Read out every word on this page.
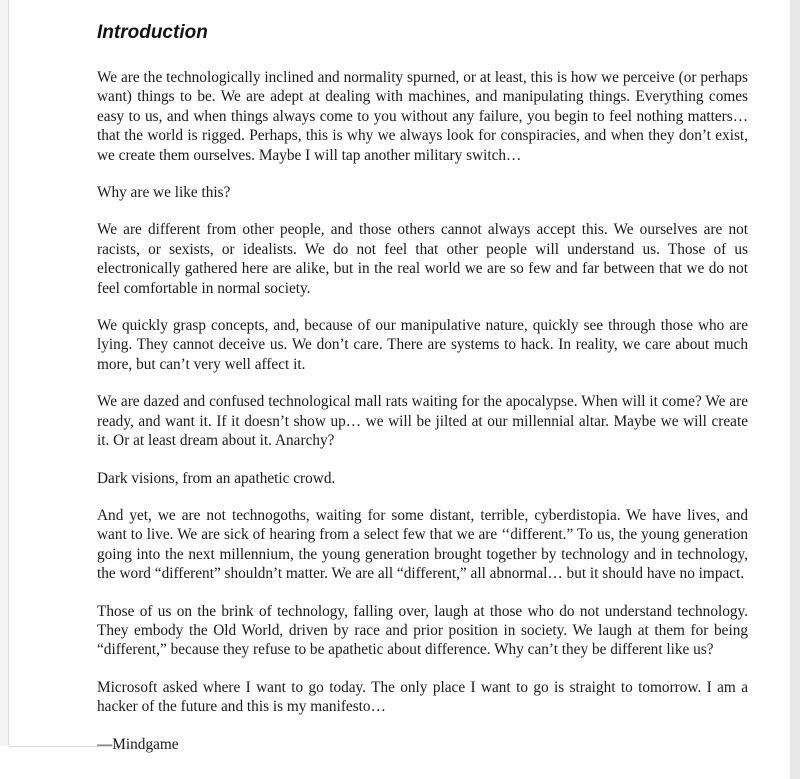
Introduction

We are the technologically inclined and normality spurned, or at least, this is how we perceive (or perhaps want) things to be. We are adept at dealing with machines, and manipulating things. Everything comes easy to us, and when things always come to you without any failure, you begin to feel nothing matters… that the world is rigged. Perhaps, this is why we always look for conspiracies, and when they don’t exist, we create them ourselves. Maybe I will tap another military switch…

Why are we like this?

We are different from other people, and those others cannot always accept this. We ourselves are not racists, or sexists, or idealists. We do not feel that other people will understand us. Those of us electronically gathered here are alike, but in the real world we are so few and far between that we do not feel comfortable in normal society.

We quickly grasp concepts, and, because of our manipulative nature, quickly see through those who are lying. They cannot deceive us. We don’t care. There are systems to hack. In reality, we care about much more, but can’t very well affect it.

We are dazed and confused technological mall rats waiting for the apocalypse. When will it come? We are ready, and want it. If it doesn’t show up… we will be jilted at our millennial altar. Maybe we will create it. Or at least dream about it. Anarchy?

Dark visions, from an apathetic crowd.

And yet, we are not technogoths, waiting for some distant, terrible, cyberdistopia. We have lives, and want to live. We are sick of hearing from a select few that we are ‘‘different.” To us, the young generation going into the next millennium, the young generation brought together by technology and in technology, the word “different” shouldn’t matter. We are all “different,” all abnormal… but it should have no impact.

Those of us on the brink of technology, falling over, laugh at those who do not understand technology. They embody the Old World, driven by race and prior position in society. We laugh at them for being “different,” because they refuse to be apathetic about difference. Why can’t they be different like us?

Microsoft asked where I want to go today. The only place I want to go is straight to tomorrow. I am a hacker of the future and this is my manifesto…

—Mindgame
